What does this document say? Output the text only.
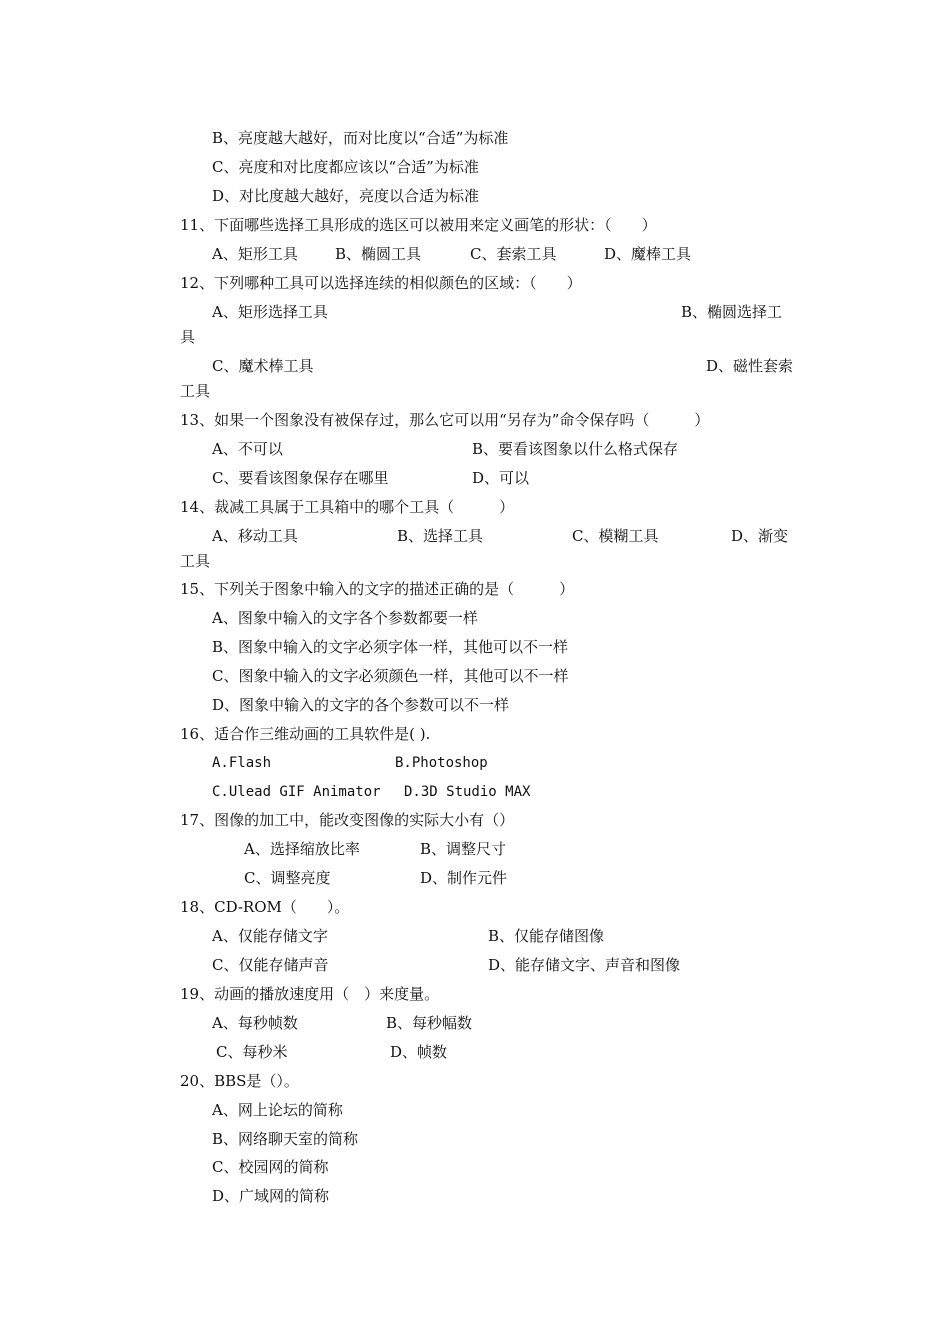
B、亮度越大越好，而对比度以“合适”为标准
C、亮度和对比度都应该以“合适”为标准
D、对比度越大越好，亮度以合适为标准
11、下面哪些选择工具形成的选区可以被用来定义画笔的形状：（　　）
A、矩形工具 B、椭圆工具	C、套索工具	D、魔棒工具
12、下列哪种工具可以选择连续的相似颜色的区域：（　　）
A、矩形选择工具	B、椭圆选择工
具
C、魔术棒工具	D、磁性套索
工具
13、如果一个图象没有被保存过，那么它可以用“另存为”命令保存吗（　　　）
A、不可以	B、要看该图象以什么格式保存
C、要看该图象保存在哪里	D、可以
14、裁减工具属于工具箱中的哪个工具（　　　）
A、移动工具	B、选择工具	C、模糊工具	D、渐变
工具
15、下列关于图象中输入的文字的描述正确的是（　　　）
A、图象中输入的文字各个参数都要一样
B、图象中输入的文字必须字体一样，其他可以不一样
C、图象中输入的文字必须颜色一样，其他可以不一样
D、图象中输入的文字的各个参数可以不一样
16、适合作三维动画的工具软件是( ).
A.Flash	B.Photoshop
C.Ulead GIF Animator D.3D Studio MAX
17、图像的加工中，能改变图像的实际大小有（）
A、选择缩放比率	B、调整尺寸
C、调整亮度	D、制作元件
18、CD-ROM（　　）。
A、仅能存储文字	B、仅能存储图像
C、仅能存储声音	D、能存储文字、声音和图像
19、动画的播放速度用（　）来度量。
A、每秒帧数	B、每秒幅数
C、每秒米	D、帧数
20、BBS是（）。
A、网上论坛的简称
B、网络聊天室的简称
C、校园网的简称
D、广域网的简称
